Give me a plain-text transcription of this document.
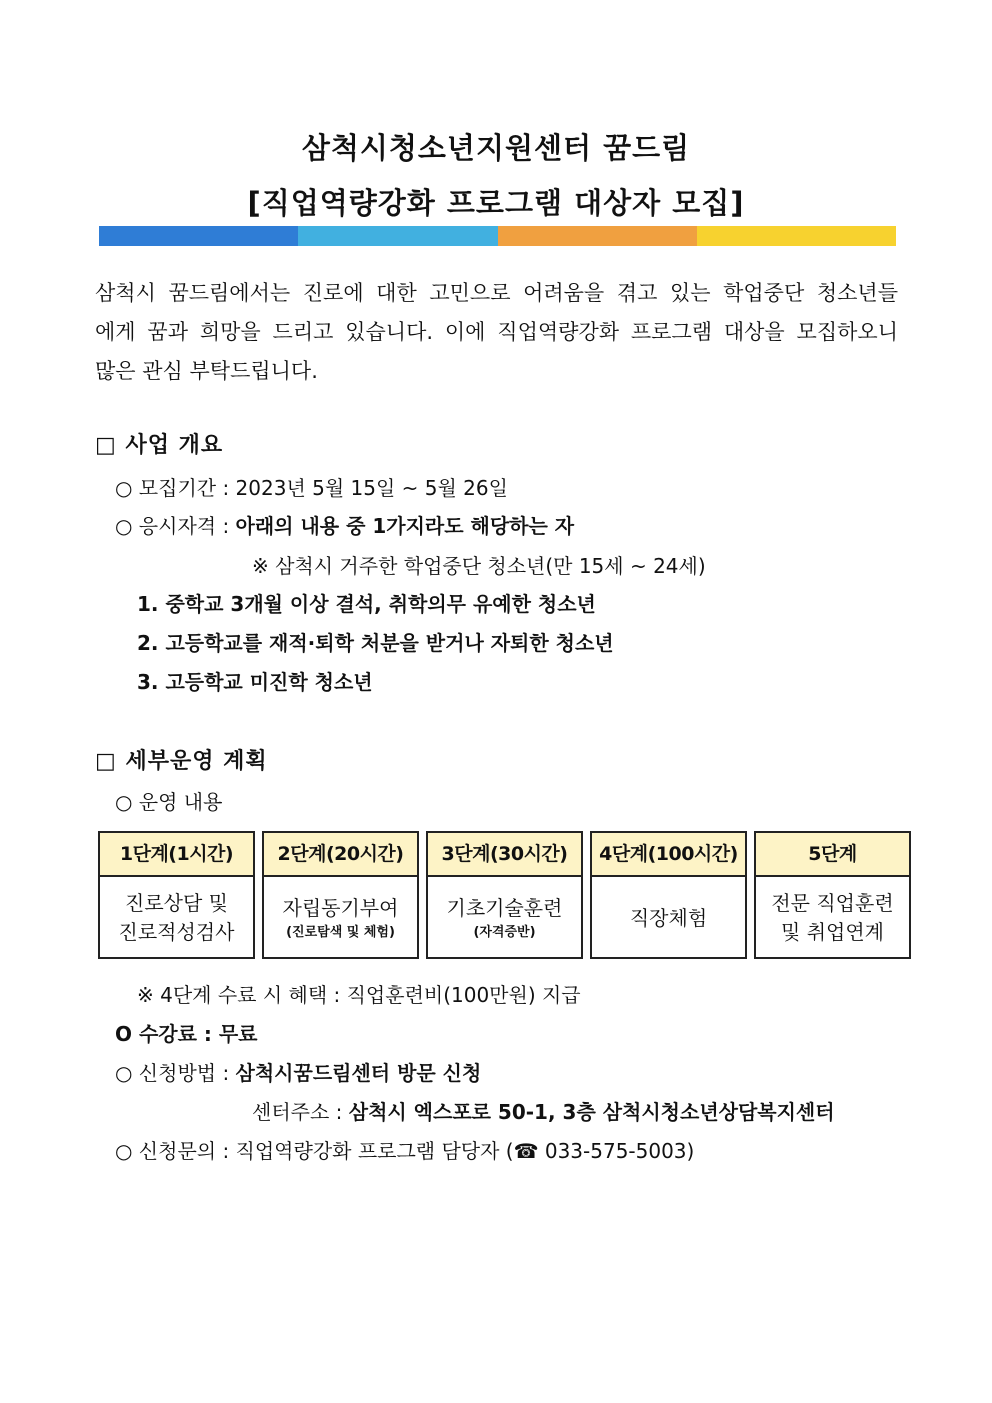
삼척시청소년지원센터 꿈드림
[직업역량강화 프로그램 대상자 모집]
삼척시 꿈드림에서는 진로에 대한 고민으로 어려움을 겪고 있는 학업중단 청소년들
에게 꿈과 희망을 드리고 있습니다. 이에 직업역량강화 프로그램 대상을 모집하오니
많은 관심 부탁드립니다.
□ 사업 개요
○ 모집기간 : 2023년 5월 15일 ~ 5월 26일
○ 응시자격 : 아래의 내용 중 1가지라도 해당하는 자
※ 삼척시 거주한 학업중단 청소년(만 15세 ~ 24세)
1. 중학교 3개월 이상 결석, 취학의무 유예한 청소년
2. 고등학교를 재적·퇴학 처분을 받거나 자퇴한 청소년
3. 고등학교 미진학 청소년
□ 세부운영 계획
○ 운영 내용
1단계(1시간)
진로상담 및
진로적성검사
2단계(20시간)
자립동기부여
(진로탐색 및 체험)
3단계(30시간)
기초기술훈련
(자격증반)
4단계(100시간)
직장체험
5단계
전문 직업훈련
및 취업연계
※ 4단계 수료 시 혜택 : 직업훈련비(100만원) 지급
O 수강료 : 무료
○ 신청방법 : 삼척시꿈드림센터 방문 신청
센터주소 : 삼척시 엑스포로 50-1, 3층 삼척시청소년상담복지센터
○ 신청문의 : 직업역량강화 프로그램 담당자 (☎ 033-575-5003)
